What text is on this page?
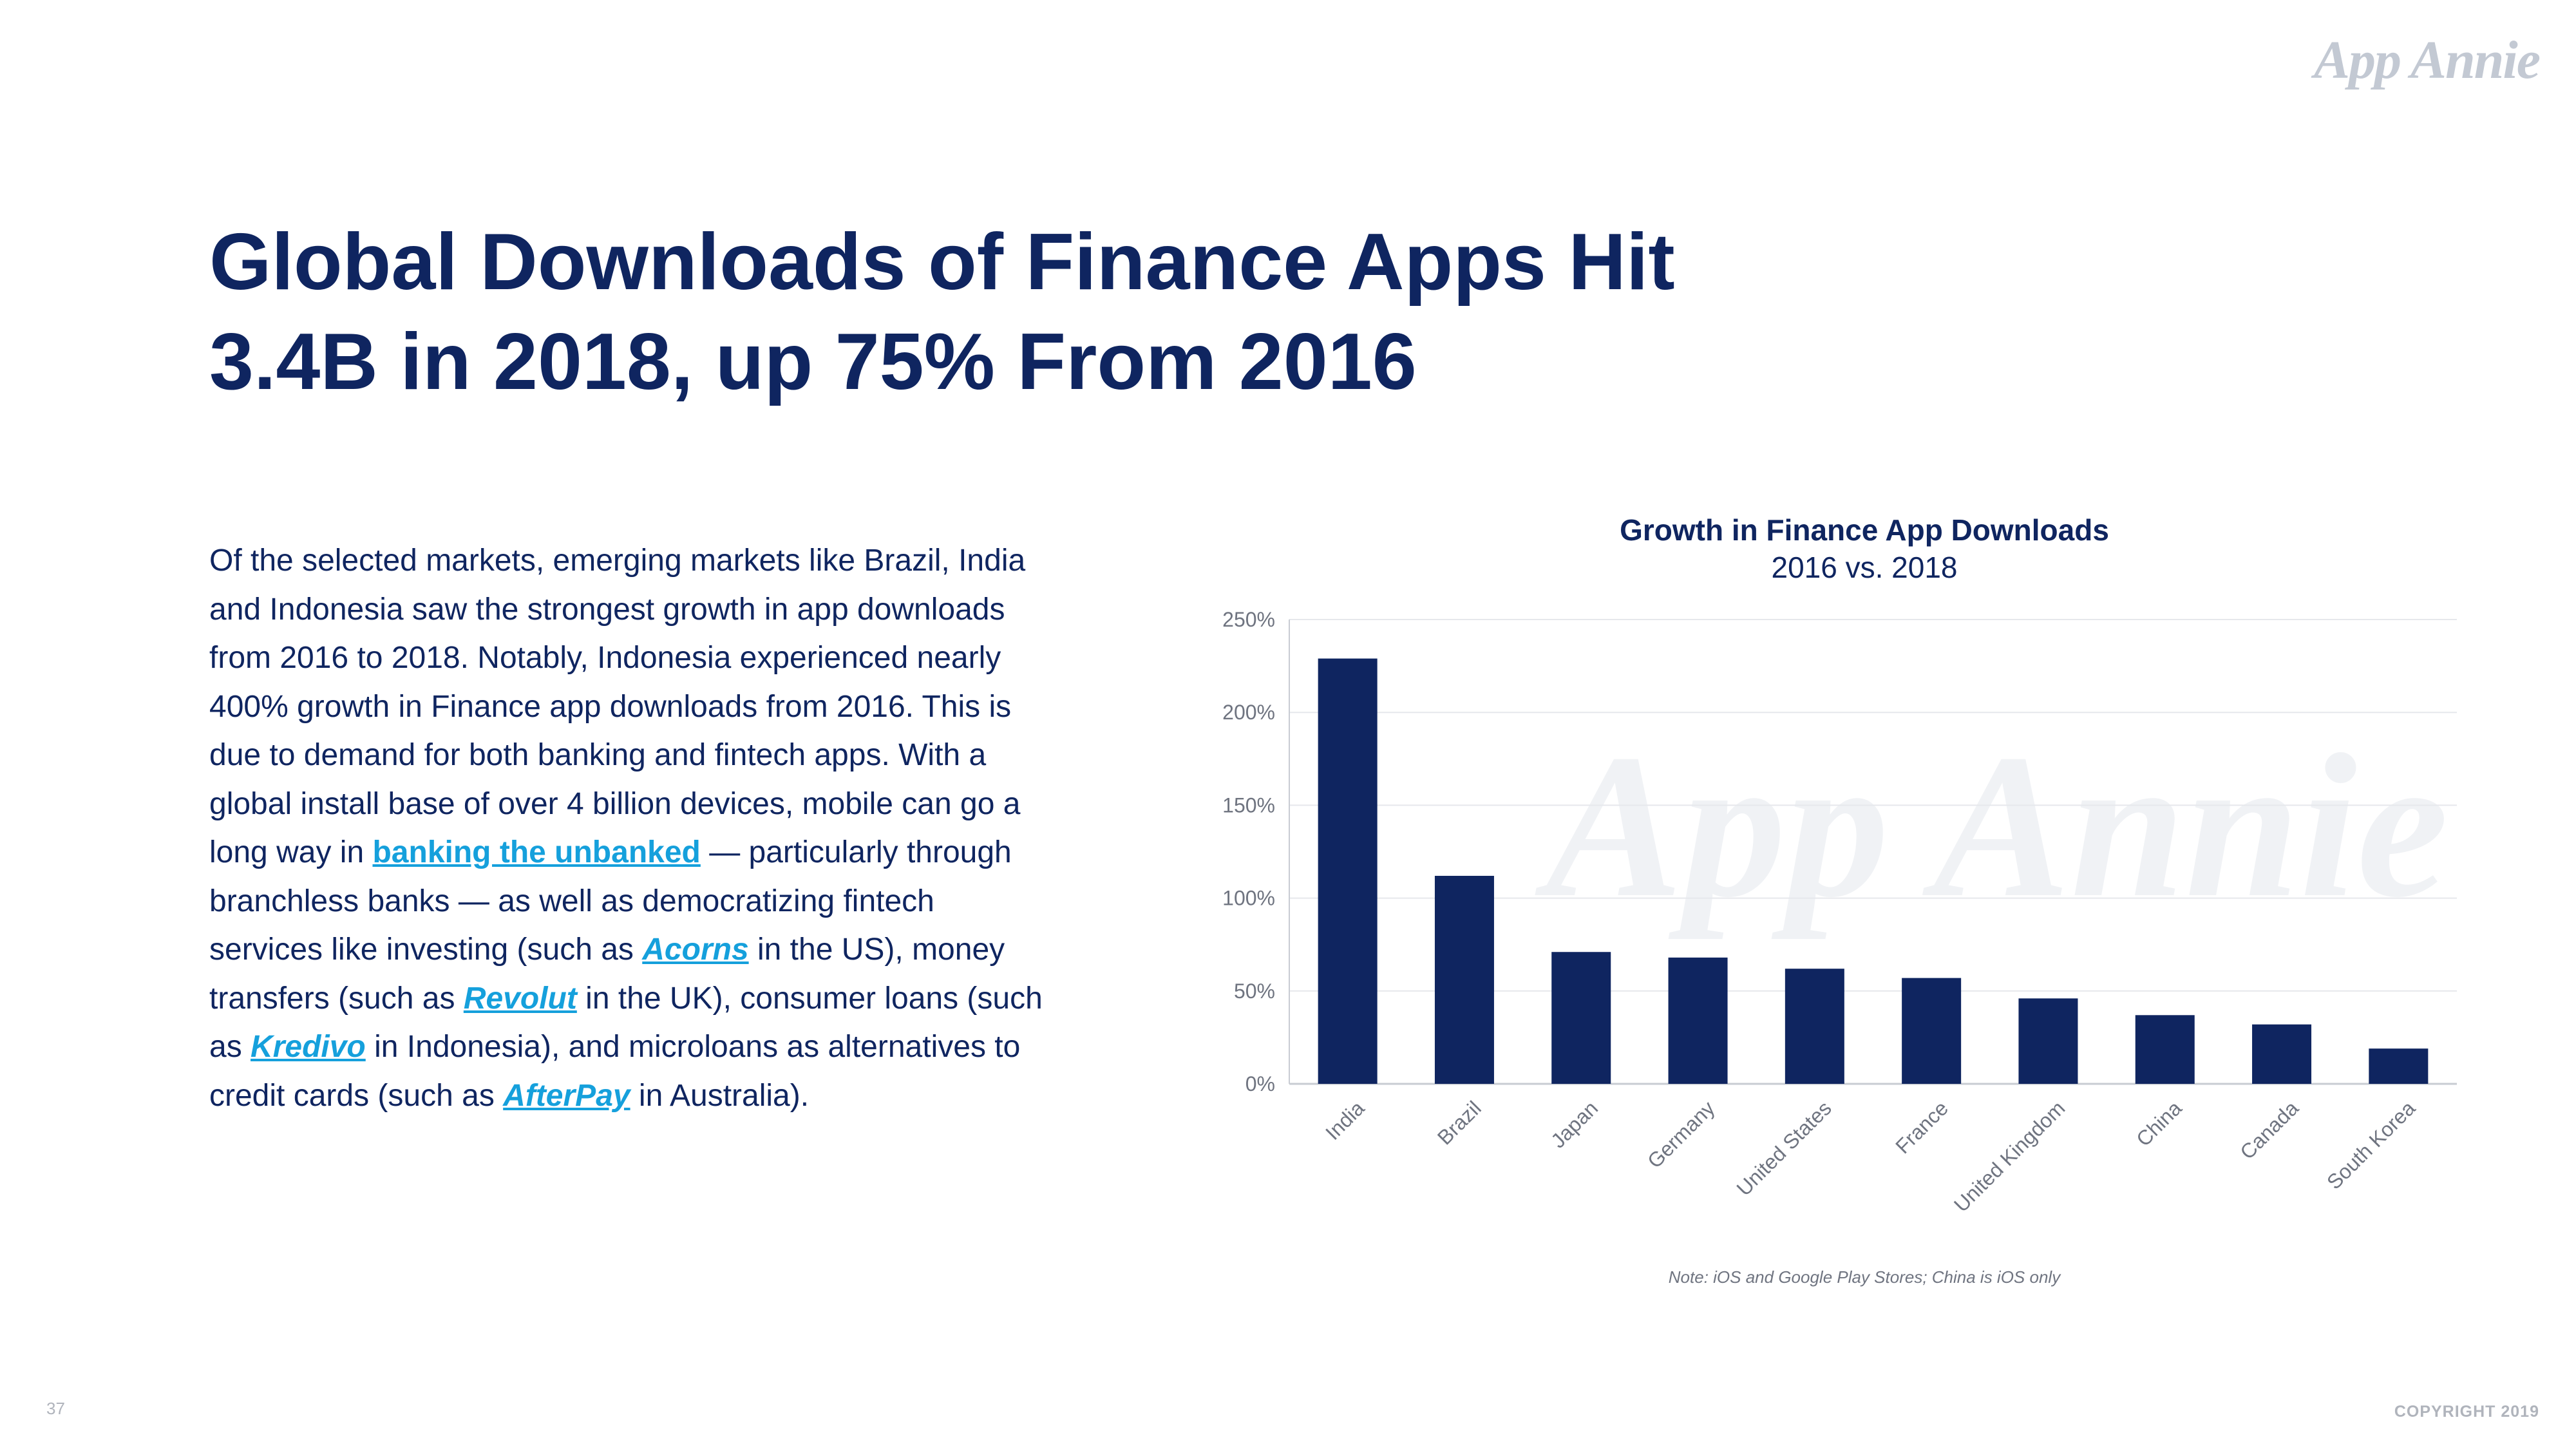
App Annie
Global Downloads of Finance Apps Hit
3.4B in 2018, up 75% From 2016

Of the selected markets, emerging markets like Brazil, India and Indonesia saw the strongest growth in app downloads from 2016 to 2018. Notably, Indonesia experienced nearly 400% growth in Finance app downloads from 2016. This is due to demand for both banking and fintech apps. With a global install base of over 4 billion devices, mobile can go a long way in banking the unbanked — particularly through branchless banks — as well as democratizing fintech services like investing (such as Acorns in the US), money transfers (such as Revolut in the UK), consumer loans (such as Kredivo in Indonesia), and microloans as alternatives to credit cards (such as AfterPay in Australia).

Growth in Finance App Downloads
2016 vs. 2018
App Annie
0%
50%
100%
150%
200%
250%
India	Brazil	Japan Germany United States	France
United Kingdom	China Canada South Korea
Note: iOS and Google Play Stores; China is iOS only
37	COPYRIGHT 2019
